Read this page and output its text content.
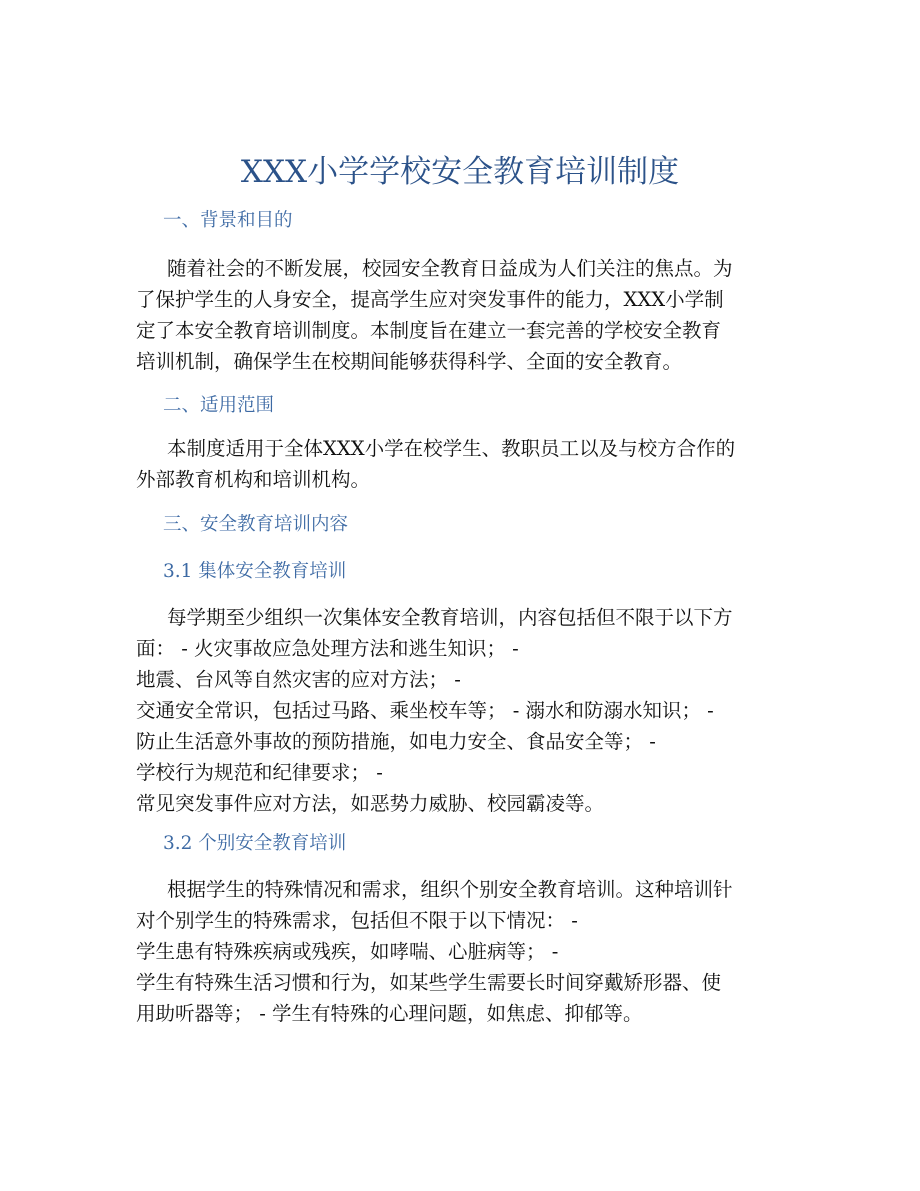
XXX小学学校安全教育培训制度
一、背景和目的
随着社会的不断发展，校园安全教育日益成为人们关注的焦点。为
了保护学生的人身安全，提高学生应对突发事件的能力，XXX小学制
定了本安全教育培训制度。本制度旨在建立一套完善的学校安全教育
培训机制，确保学生在校期间能够获得科学、全面的安全教育。
二、适用范围
本制度适用于全体XXX小学在校学生、教职员工以及与校方合作的
外部教育机构和培训机构。
三、安全教育培训内容
3.1 集体安全教育培训
每学期至少组织一次集体安全教育培训，内容包括但不限于以下方
面： - 火灾事故应急处理方法和逃生知识； -
地震、台风等自然灾害的应对方法； -
交通安全常识，包括过马路、乘坐校车等； - 溺水和防溺水知识； -
防止生活意外事故的预防措施，如电力安全、食品安全等； -
学校行为规范和纪律要求； -
常见突发事件应对方法，如恶势力威胁、校园霸凌等。
3.2 个别安全教育培训
根据学生的特殊情况和需求，组织个别安全教育培训。这种培训针
对个别学生的特殊需求，包括但不限于以下情况： -
学生患有特殊疾病或残疾，如哮喘、心脏病等； -
学生有特殊生活习惯和行为，如某些学生需要长时间穿戴矫形器、使
用助听器等； - 学生有特殊的心理问题，如焦虑、抑郁等。
